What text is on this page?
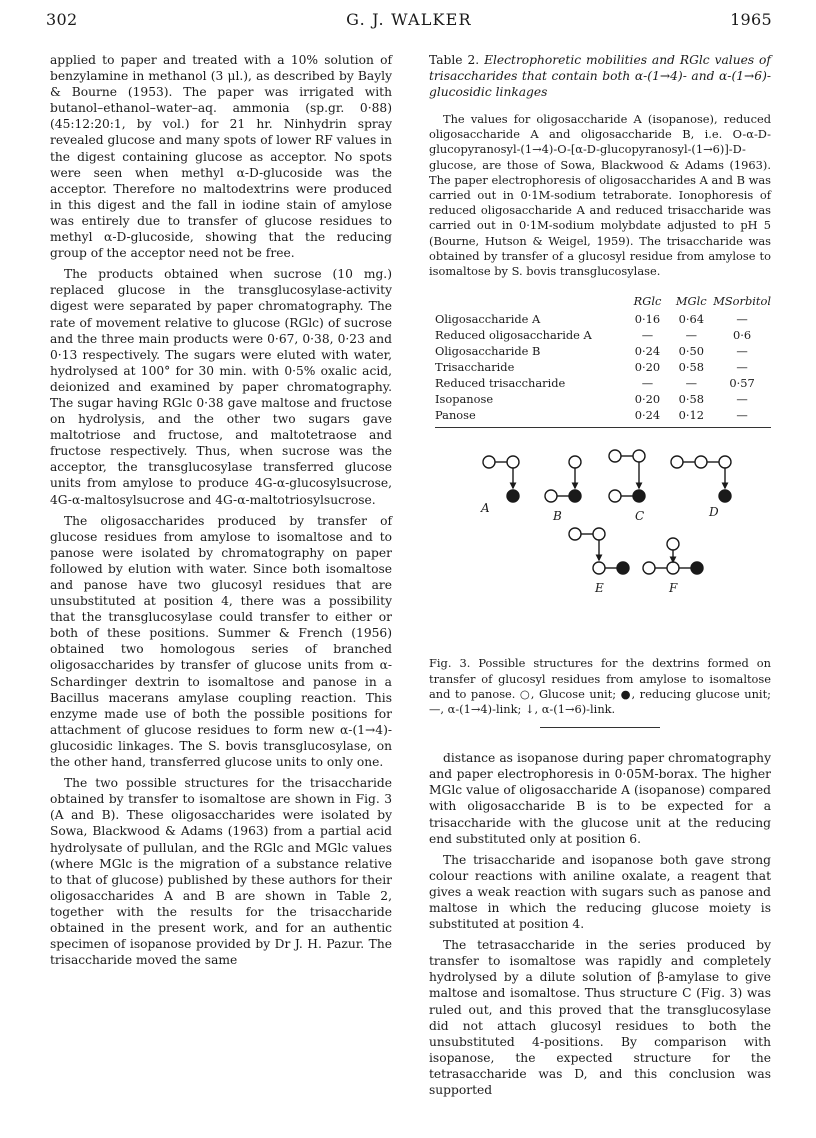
302	G. J. WALKER	1965

applied to paper and treated with a 10% solution of benzylamine in methanol (3 μl.), as described by Bayly & Bourne (1953). The paper was irrigated with butanol–ethanol–water–aq. ammonia (sp.gr. 0·88) (45:12:20:1, by vol.) for 21 hr. Ninhydrin spray revealed glucose and many spots of lower RF values in the digest containing glucose as acceptor. No spots were seen when methyl α-D-glucoside was the acceptor. Therefore no maltodextrins were produced in this digest and the fall in iodine stain of amylose was entirely due to transfer of glucose residues to methyl α-D-glucoside, showing that the reducing group of the acceptor need not be free.

The products obtained when sucrose (10 mg.) replaced glucose in the transglucosylase-activity digest were separated by paper chromatography. The rate of movement relative to glucose (RGlc) of sucrose and the three main products were 0·67, 0·38, 0·23 and 0·13 respectively. The sugars were eluted with water, hydrolysed at 100° for 30 min. with 0·5% oxalic acid, deionized and examined by paper chromatography. The sugar having RGlc 0·38 gave maltose and fructose on hydrolysis, and the other two sugars gave maltotriose and fructose, and maltotetraose and fructose respectively. Thus, when sucrose was the acceptor, the transglucosylase transferred glucose units from amylose to produce 4G-α-glucosylsucrose, 4G-α-maltosylsucrose and 4G-α-maltotriosylsucrose.

The oligosaccharides produced by transfer of glucose residues from amylose to isomaltose and to panose were isolated by chromatography on paper followed by elution with water. Since both isomaltose and panose have two glucosyl residues that are unsubstituted at position 4, there was a possibility that the transglucosylase could transfer to either or both of these positions. Summer & French (1956) obtained two homologous series of branched oligosaccharides by transfer of glucose units from α-Schardinger dextrin to isomaltose and panose in a Bacillus macerans amylase coupling reaction. This enzyme made use of both the possible positions for attachment of glucose residues to form new α-(1→4)-glucosidic linkages. The S. bovis transglucosylase, on the other hand, transferred glucose units to only one.

The two possible structures for the trisaccharide obtained by transfer to isomaltose are shown in Fig. 3 (A and B). These oligosaccharides were isolated by Sowa, Blackwood & Adams (1963) from a partial acid hydrolysate of pullulan, and the RGlc and MGlc values (where MGlc is the migration of a substance relative to that of glucose) published by these authors for their oligosaccharides A and B are shown in Table 2, together with the results for the trisaccharide obtained in the present work, and for an authentic specimen of isopanose provided by Dr J. H. Pazur. The trisaccharide moved the same

Table 2. Electrophoretic mobilities and RGlc values of trisaccharides that contain both α-(1→4)- and α-(1→6)-glucosidic linkages

The values for oligosaccharide A (isopanose), reduced oligosaccharide A and oligosaccharide B, i.e. O-α-D-glucopyranosyl-(1→4)-O-[α-D-glucopyranosyl-(1→6)]-D-glucose, are those of Sowa, Blackwood & Adams (1963). The paper electrophoresis of oligosaccharides A and B was carried out in 0·1M-sodium tetraborate. Ionophoresis of reduced oligosaccharide A and reduced trisaccharide was carried out in 0·1M-sodium molybdate adjusted to pH 5 (Bourne, Hutson & Weigel, 1959). The trisaccharide was obtained by transfer of a glucosyl residue from amylose to isomaltose by S. bovis transglucosylase.

	RGlc	MGlc	MSorbitol
Oligosaccharide A	0·16	0·64	—
Reduced oligosaccharide A	—	—	0·6
Oligosaccharide B	0·24	0·50	—
Trisaccharide	0·20	0·58	—
Reduced trisaccharide	—	—	0·57
Isopanose	0·20	0·58	—
Panose	0·24	0·12	—
A
B	C	D
E	F

Fig. 3. Possible structures for the dextrins formed on transfer of glucosyl residues from amylose to isomaltose and to panose. ○, Glucose unit; ●, reducing glucose unit; —, α-(1→4)-link; ↓, α-(1→6)-link.

distance as isopanose during paper chromatography and paper electrophoresis in 0·05M-borax. The higher MGlc value of oligosaccharide A (isopanose) compared with oligosaccharide B is to be expected for a trisaccharide with the glucose unit at the reducing end substituted only at position 6.

The trisaccharide and isopanose both gave strong colour reactions with aniline oxalate, a reagent that gives a weak reaction with sugars such as panose and maltose in which the reducing glucose moiety is substituted at position 4.

The tetrasaccharide in the series produced by transfer to isomaltose was rapidly and completely hydrolysed by a dilute solution of β-amylase to give maltose and isomaltose. Thus structure C (Fig. 3) was ruled out, and this proved that the transglucosylase did not attach glucosyl residues to both the unsubstituted 4-positions. By comparison with isopanose, the expected structure for the tetrasaccharide was D, and this conclusion was supported
